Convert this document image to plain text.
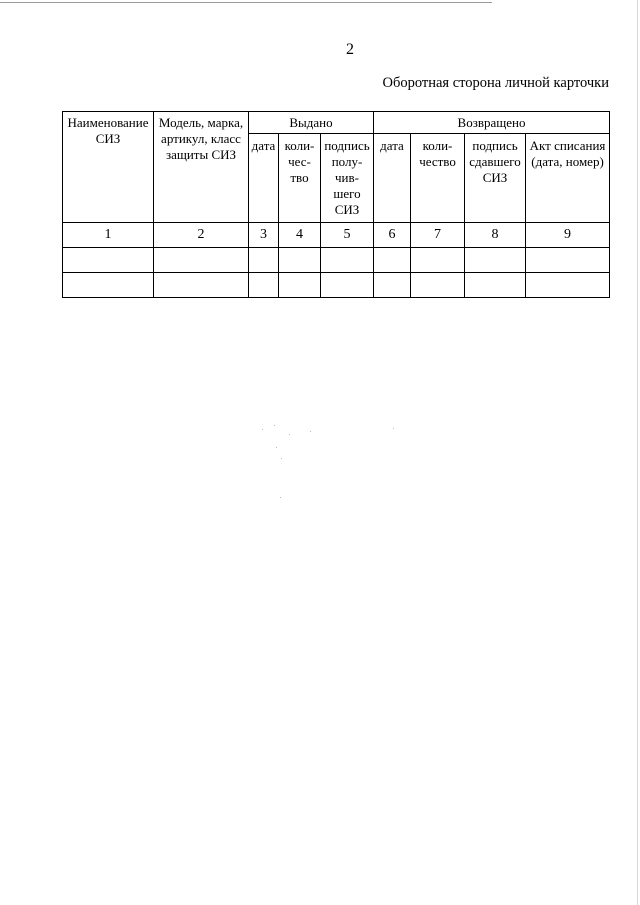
2
Оборотная сторона личной карточки
Наименование СИЗ	Модель, марка, артикул, класс защиты СИЗ	Выдано			Возвращено			
		дата	коли-чес-тво	подпись полу-чив-шего СИЗ	дата	коли-чество	подпись сдавшего СИЗ	Акт списания (дата, номер)
1	2	3	4	5	6	7	8	9
